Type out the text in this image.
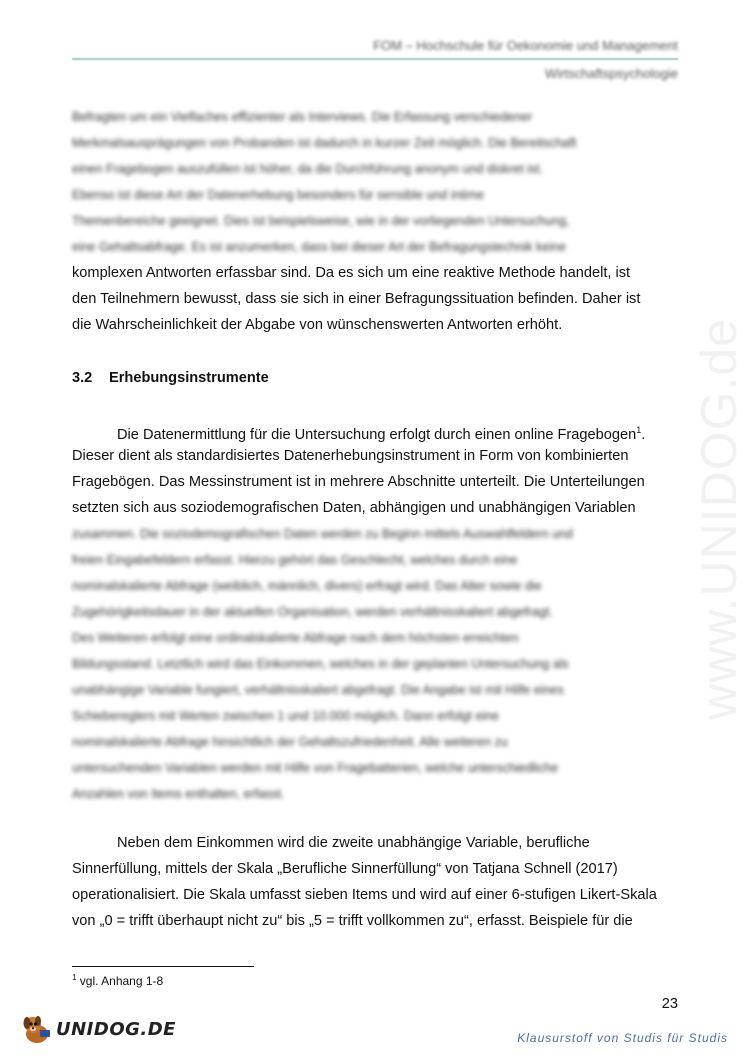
FOM – Hochschule für Oekonomie und Management
Wirtschaftspsychologie
www.UNIDOG.de
Befragten um ein Vielfaches effizienter als Interviews. Die Erfassung verschiedener
Merkmalsausprägungen von Probanden ist dadurch in kurzer Zeit möglich. Die Bereitschaft
einen Fragebogen auszufüllen ist höher, da die Durchführung anonym und diskret ist.
Ebenso ist diese Art der Datenerhebung besonders für sensible und intime
Themenbereiche geeignet. Dies ist beispielsweise, wie in der vorliegenden Untersuchung,
eine Gehaltsabfrage. Es ist anzumerken, dass bei dieser Art der Befragungstechnik keine
komplexen Antworten erfassbar sind. Da es sich um eine reaktive Methode handelt, ist
den Teilnehmern bewusst, dass sie sich in einer Befragungssituation befinden. Daher ist
die Wahrscheinlichkeit der Abgabe von wünschenswerten Antworten erhöht.
3.2 Erhebungsinstrumente
Die Datenermittlung für die Untersuchung erfolgt durch einen online Fragebogen$^1$.
Dieser dient als standardisiertes Datenerhebungsinstrument in Form von kombinierten
Fragebögen. Das Messinstrument ist in mehrere Abschnitte unterteilt. Die Unterteilungen
setzten sich aus soziodemografischen Daten, abhängigen und unabhängigen Variablen
zusammen. Die soziodemografischen Daten werden zu Beginn mittels Auswahlfeldern und
freien Eingabefeldern erfasst. Hierzu gehört das Geschlecht, welches durch eine
nominalskalierte Abfrage (weiblich, männlich, divers) erfragt wird. Das Alter sowie die
Zugehörigkeitsdauer in der aktuellen Organisation, werden verhältnisskaliert abgefragt.
Des Weiteren erfolgt eine ordinalskalierte Abfrage nach dem höchsten erreichten
Bildungsstand. Letztlich wird das Einkommen, welches in der geplanten Untersuchung als
unabhängige Variable fungiert, verhältnisskaliert abgefragt. Die Angabe ist mit Hilfe eines
Schiebereglers mit Werten zwischen 1 und 10.000 möglich. Dann erfolgt eine
nominalskalierte Abfrage hinsichtlich der Gehaltszufriedenheit. Alle weiteren zu
untersuchenden Variablen werden mit Hilfe von Fragebatterien, welche unterschiedliche
Anzahlen von Items enthalten, erfasst.
Neben dem Einkommen wird die zweite unabhängige Variable, berufliche
Sinnerfüllung, mittels der Skala „Berufliche Sinnerfüllung“ von Tatjana Schnell (2017)
operationalisiert. Die Skala umfasst sieben Items und wird auf einer 6-stufigen Likert-Skala
von „0 = trifft überhaupt nicht zu“ bis „5 = trifft vollkommen zu“, erfasst. Beispiele für die
$^1$ vgl. Anhang 1-8
23
UNIDOG.DE	Klausurstoff von Studis für Studis
